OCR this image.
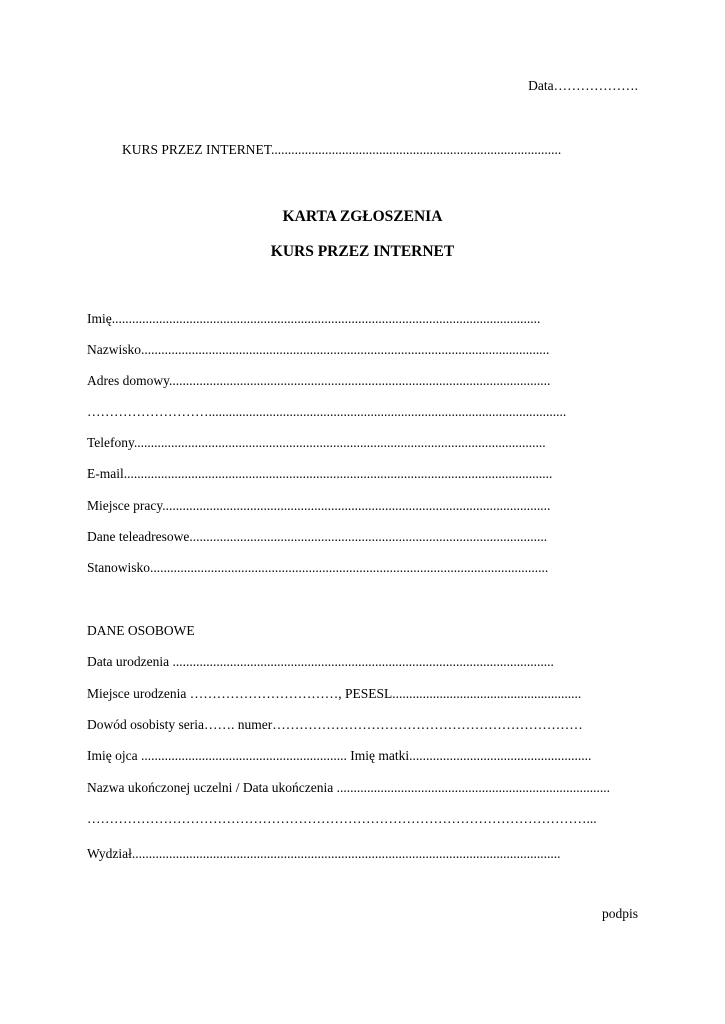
Data……………….
KURS PRZEZ INTERNET......................................................................................
KARTA ZGŁOSZENIA
KURS PRZEZ INTERNET
Imię...............................................................................................................................
Nazwisko.........................................................................................................................
Adres domowy.................................................................................................................
………………………..........................................................................................................
Telefony..........................................................................................................................
E-mail...............................................................................................................................
Miejsce pracy...................................................................................................................
Dane teleadresowe..........................................................................................................
Stanowisko......................................................................................................................
DANE OSOBOWE
Data urodzenia .................................................................................................................
Miejsce urodzenia ……………………………, PESESL........................................................
Dowód osobisty seria……. numer……………………………………………………………
Imię ojca ............................................................. Imię matki......................................................
Nazwa ukończonej uczelni / Data ukończenia .................................................................................
…………………………………………………………………………………………………...
Wydział...............................................................................................................................
podpis
